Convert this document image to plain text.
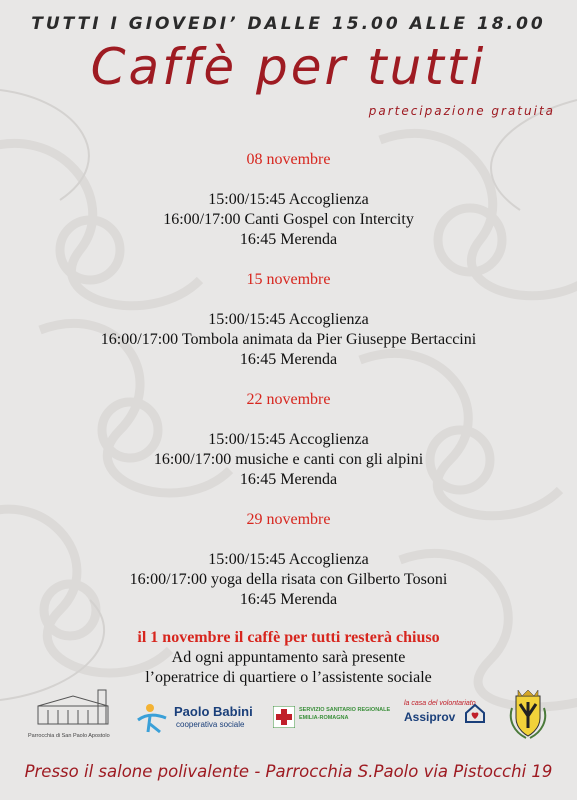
TUTTI I GIOVEDI’ DALLE 15.00 ALLE 18.00
Caffè per tutti
partecipazione gratuita
08 novembre
15:00/15:45 Accoglienza
16:00/17:00 Canti Gospel con Intercity
16:45 Merenda
15 novembre
15:00/15:45 Accoglienza
16:00/17:00 Tombola animata da Pier Giuseppe Bertaccini
16:45 Merenda
22 novembre
15:00/15:45 Accoglienza
16:00/17:00 musiche e canti con gli alpini
16:45 Merenda
29 novembre
15:00/15:45 Accoglienza
16:00/17:00 yoga della risata con Gilberto Tosoni
16:45 Merenda
il 1 novembre il caffè per tutti resterà chiuso
Ad ogni appuntamento sarà presente
l’operatrice di quartiere o l’assistente sociale
Parrocchia di San Paolo Apostolo
Paolo Babini
cooperativa sociale
SERVIZIO SANITARIO REGIONALE
EMILIA-ROMAGNA
la casa del volontariato
Assiprov
Presso il salone polivalente - Parrocchia S.Paolo via Pistocchi 19
